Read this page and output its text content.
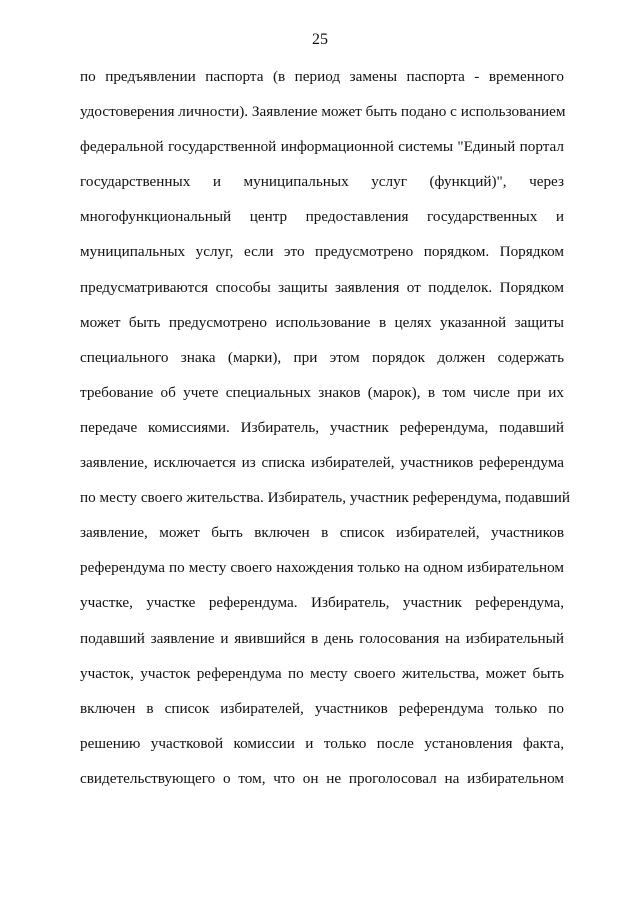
25
по предъявлении паспорта (в период замены паспорта - временного
удостоверения личности). Заявление может быть подано с использованием
федеральной государственной информационной системы "Единый портал
государственных и муниципальных услуг (функций)", через
многофункциональный центр предоставления государственных и
муниципальных услуг, если это предусмотрено порядком. Порядком
предусматриваются способы защиты заявления от подделок. Порядком
может быть предусмотрено использование в целях указанной защиты
специального знака (марки), при этом порядок должен содержать
требование об учете специальных знаков (марок), в том числе при их
передаче комиссиями. Избиратель, участник референдума, подавший
заявление, исключается из списка избирателей, участников референдума
по месту своего жительства. Избиратель, участник референдума, подавший
заявление, может быть включен в список избирателей, участников
референдума по месту своего нахождения только на одном избирательном
участке, участке референдума. Избиратель, участник референдума,
подавший заявление и явившийся в день голосования на избирательный
участок, участок референдума по месту своего жительства, может быть
включен в список избирателей, участников референдума только по
решению участковой комиссии и только после установления факта,
свидетельствующего о том, что он не проголосовал на избирательном
